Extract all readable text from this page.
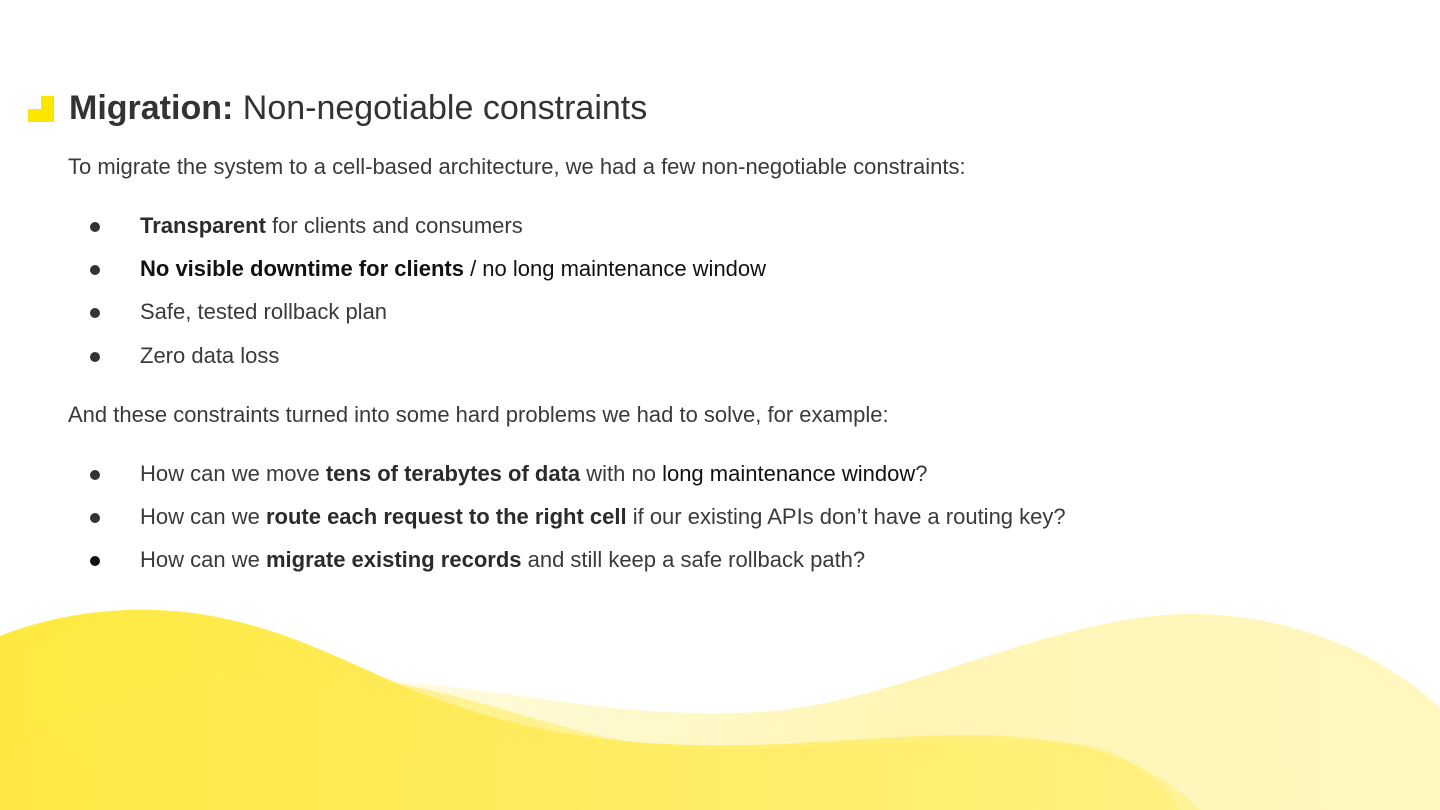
Migration: Non-negotiable constraints
To migrate the system to a cell-based architecture, we had a few non-negotiable constraints:
Transparent for clients and consumers
No visible downtime for clients / no long maintenance window
Safe, tested rollback plan
Zero data loss
And these constraints turned into some hard problems we had to solve, for example:
How can we move tens of terabytes of data with no long maintenance window?
How can we route each request to the right cell if our existing APIs don’t have a routing key?
How can we migrate existing records and still keep a safe rollback path?
